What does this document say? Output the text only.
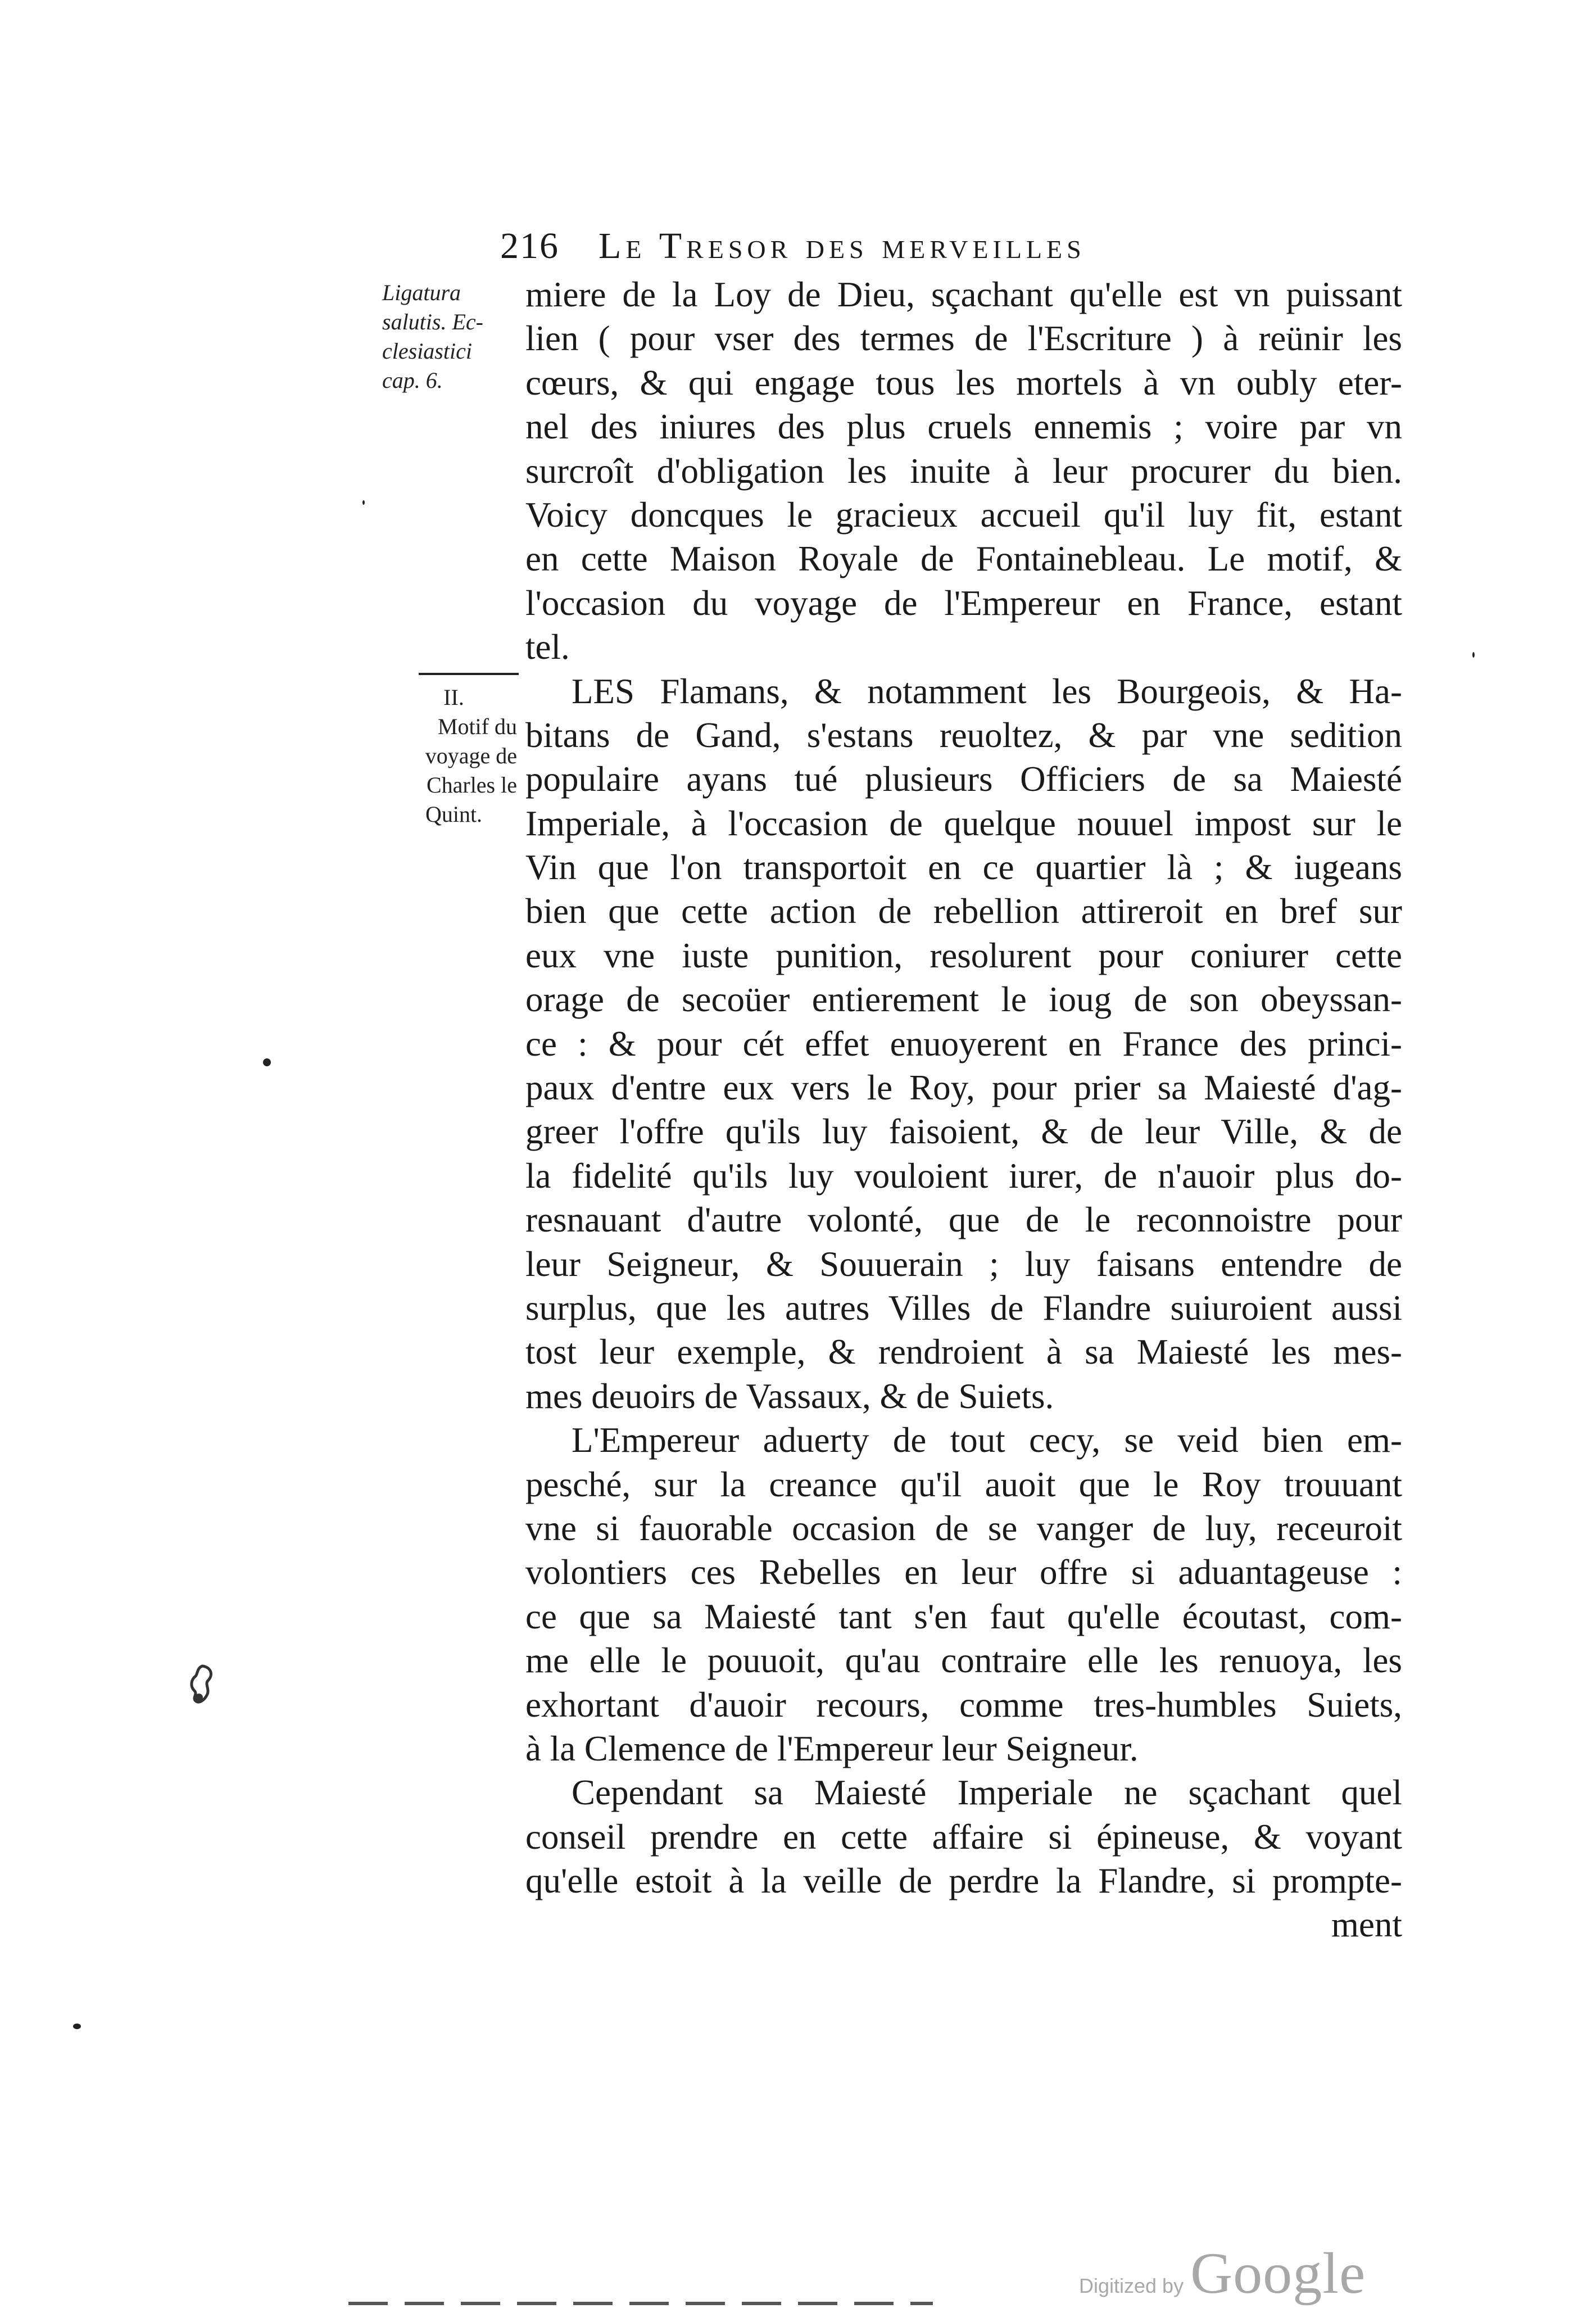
216 Le Tresor des merveilles
Ligatura
salutis. Ec-
clesiastici
cap. 6.
II.
Motif du
voyage de
Charles le
Quint.
miere de la Loy de Dieu, sçachant qu'elle est vn puissant
lien ( pour vser des termes de l'Escriture ) à reünir les
cœurs, & qui engage tous les mortels à vn oubly eter-
nel des iniures des plus cruels ennemis ; voire par vn
surcroît d'obligation les inuite à leur procurer du bien.
Voicy doncques le gracieux accueil qu'il luy fit, estant
en cette Maison Royale de Fontainebleau. Le motif, &
l'occasion du voyage de l'Empereur en France, estant
tel.
LES Flamans, & notamment les Bourgeois, & Ha-
bitans de Gand, s'estans reuoltez, & par vne sedition
populaire ayans tué plusieurs Officiers de sa Maiesté
Imperiale, à l'occasion de quelque nouuel impost sur le
Vin que l'on transportoit en ce quartier là ; & iugeans
bien que cette action de rebellion attireroit en bref sur
eux vne iuste punition, resolurent pour coniurer cette
orage de secoüer entierement le ioug de son obeyssan-
ce : & pour cét effet enuoyerent en France des princi-
paux d'entre eux vers le Roy, pour prier sa Maiesté d'ag-
greer l'offre qu'ils luy faisoient, & de leur Ville, & de
la fidelité qu'ils luy vouloient iurer, de n'auoir plus do-
resnauant d'autre volonté, que de le reconnoistre pour
leur Seigneur, & Souuerain ; luy faisans entendre de
surplus, que les autres Villes de Flandre suiuroient aussi
tost leur exemple, & rendroient à sa Maiesté les mes-
mes deuoirs de Vassaux, & de Suiets.
L'Empereur aduerty de tout cecy, se veid bien em-
pesché, sur la creance qu'il auoit que le Roy trouuant
vne si fauorable occasion de se vanger de luy, receuroit
volontiers ces Rebelles en leur offre si aduantageuse :
ce que sa Maiesté tant s'en faut qu'elle écoutast, com-
me elle le pouuoit, qu'au contraire elle les renuoya, les
exhortant d'auoir recours, comme tres-humbles Suiets,
à la Clemence de l'Empereur leur Seigneur.
Cependant sa Maiesté Imperiale ne sçachant quel
conseil prendre en cette affaire si épineuse, & voyant
qu'elle estoit à la veille de perdre la Flandre, si prompte-
ment
Digitized by Google
